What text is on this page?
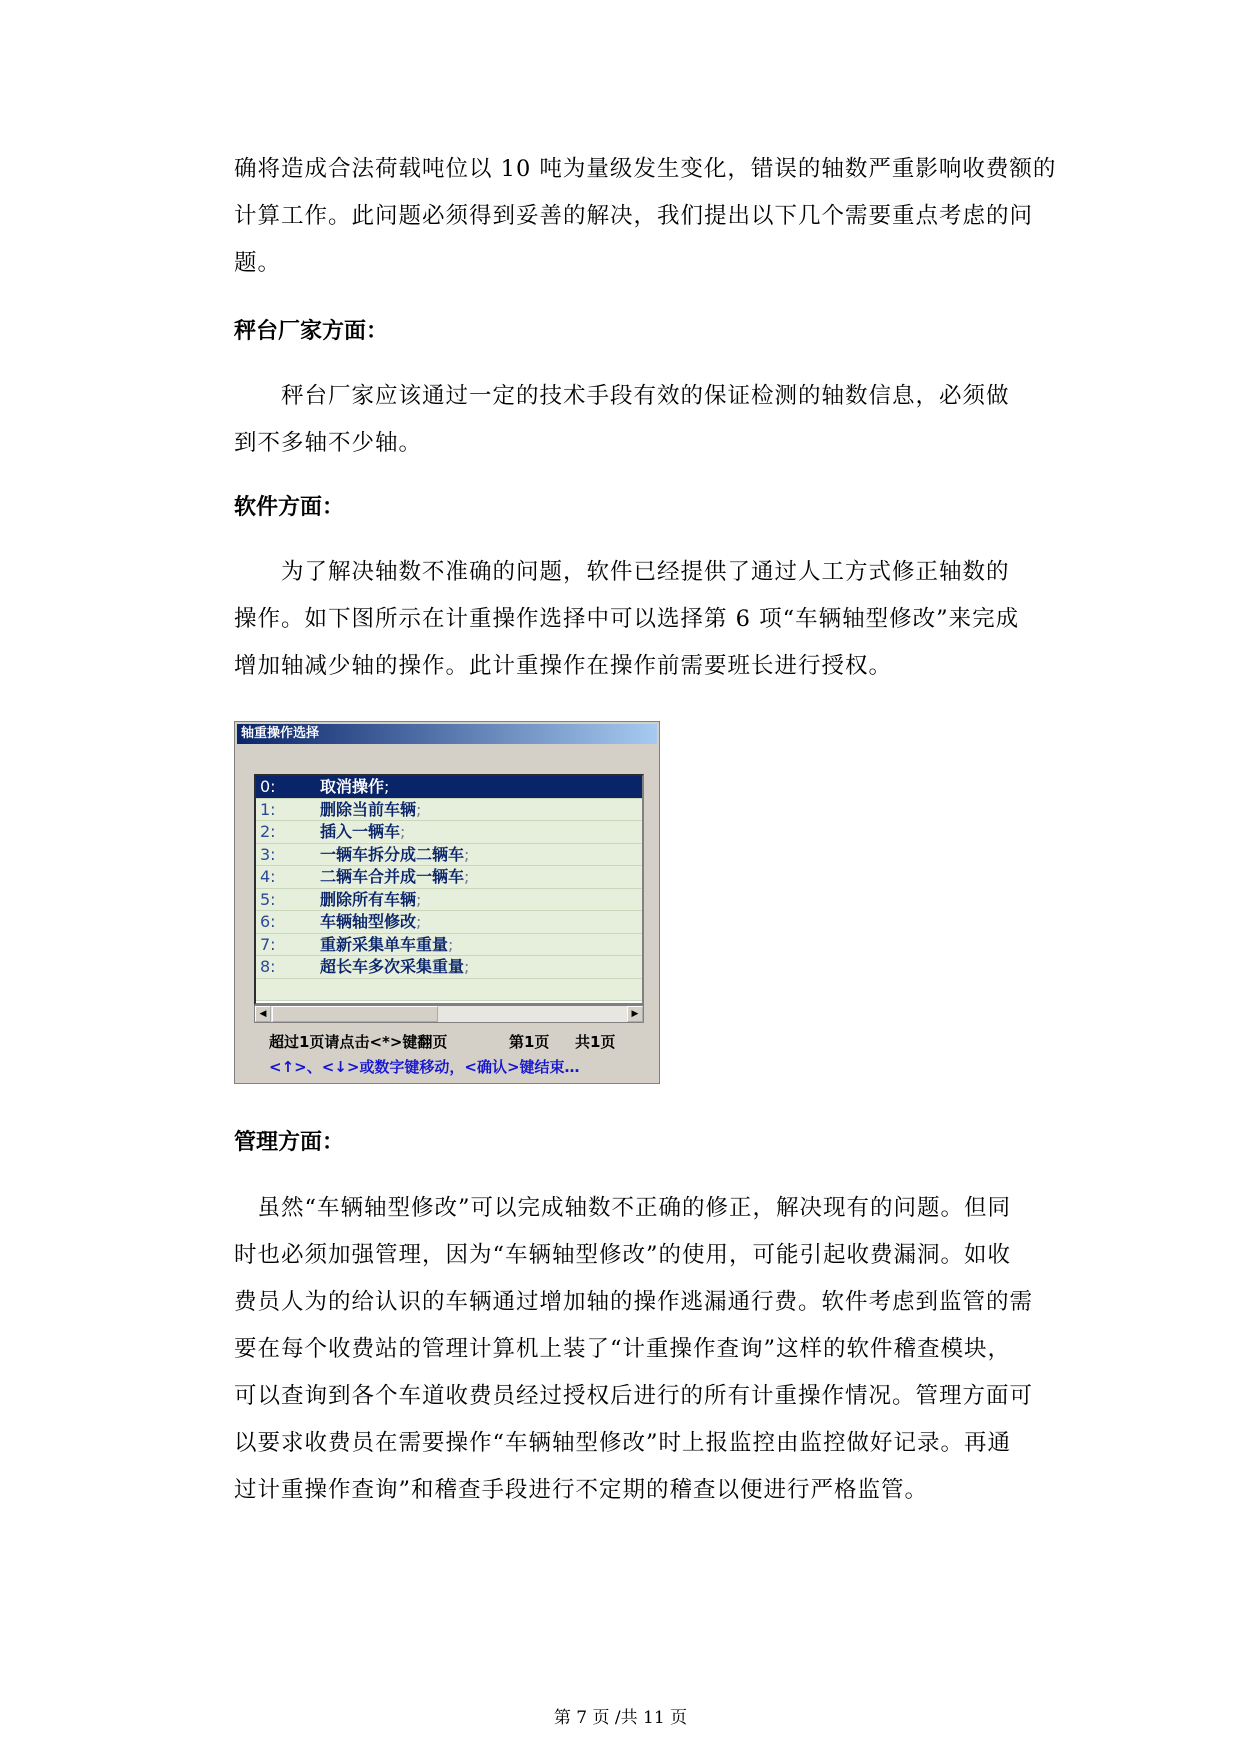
确将造成合法荷载吨位以 10 吨为量级发生变化，错误的轴数严重影响收费额的
计算工作。此问题必须得到妥善的解决，我们提出以下几个需要重点考虑的问
题。

秤台厂家方面：

　　秤台厂家应该通过一定的技术手段有效的保证检测的轴数信息，必须做
到不多轴不少轴。

软件方面：

　　为了解决轴数不准确的问题，软件已经提供了通过人工方式修正轴数的
操作。如下图所示在计重操作选择中可以选择第 6 项“车辆轴型修改”来完成
增加轴减少轴的操作。此计重操作在操作前需要班长进行授权。

轴重操作选择
0:	取消操作;
1:	删除当前车辆;
2:	插入一辆车;
3:	一辆车拆分成二辆车;
4:	二辆车合并成一辆车;
5:	删除所有车辆;
6:	车辆轴型修改;
7:	重新采集单车重量;
8:	超长车多次采集重量;
◀	▶
超过1页请点击<*>键翻页	第1页 共1页
<↑>、<↓>或数字键移动，<确认>键结束…
管理方面：

　虽然“车辆轴型修改”可以完成轴数不正确的修正，解决现有的问题。但同
时也必须加强管理，因为“车辆轴型修改”的使用，可能引起收费漏洞。如收
费员人为的给认识的车辆通过增加轴的操作逃漏通行费。软件考虑到监管的需
要在每个收费站的管理计算机上装了“计重操作查询”这样的软件稽查模块，
可以查询到各个车道收费员经过授权后进行的所有计重操作情况。管理方面可
以要求收费员在需要操作“车辆轴型修改”时上报监控由监控做好记录。再通
过计重操作查询”和稽查手段进行不定期的稽查以便进行严格监管。

第 7 页 /共 11 页
